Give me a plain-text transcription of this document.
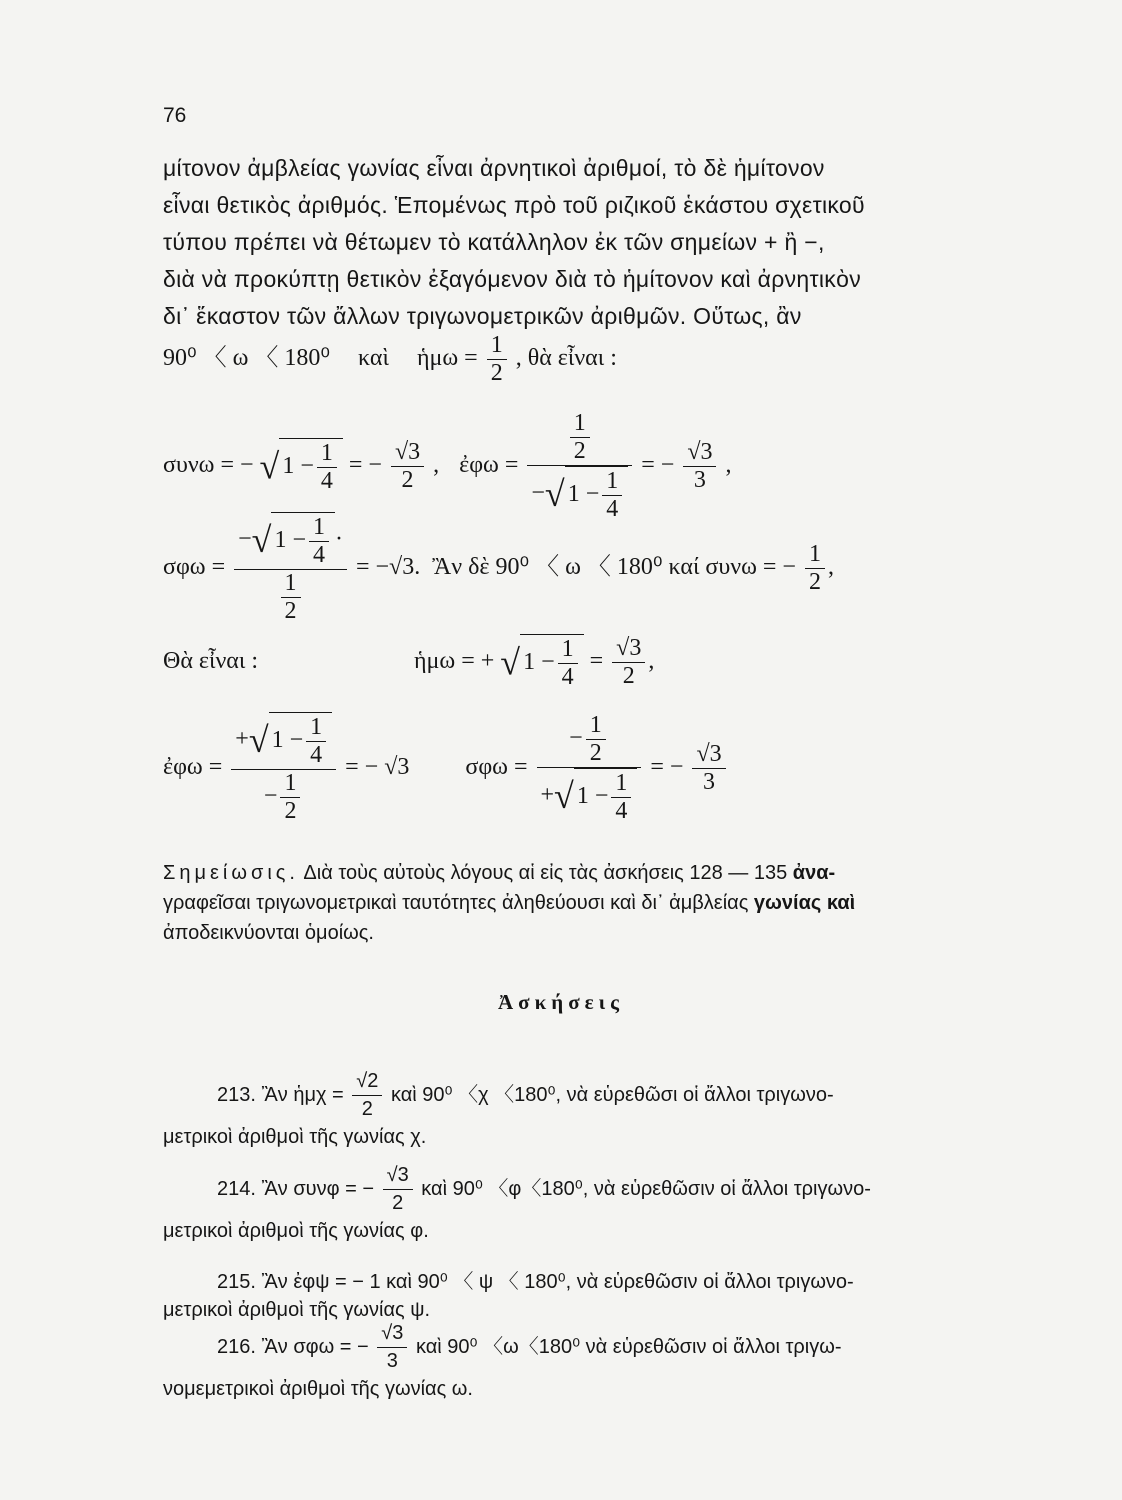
76
μίτονον ἀμβλείας γωνίας εἶναι ἀρνητικοὶ ἀριθμοί, τὸ δὲ ἡμίτονον
εἶναι θετικὸς ἀριθμός. Ἑπομένως πρὸ τοῦ ριζικοῦ ἑκάστου σχετικοῦ
τύπου πρέπει νὰ θέτωμεν τὸ κατάλληλον ἐκ τῶν σημείων + ἢ −,
διὰ νὰ προκύπτῃ θετικὸν ἐξαγόμενον διὰ τὸ ἡμίτονον καὶ ἀρνητικὸν
δι᾿ ἕκαστον τῶν ἄλλων τριγωνομετρικῶν ἀριθμῶν. Οὕτως, ἂν
90⁰ 〈 ω 〈 180⁰ καὶ ἡμω = $\frac{1}{2}$ , θὰ εἶναι :
συνω = − √ $1 - \frac{1}{4}$ = − $\frac{√3}{2}$ , ἐφω = $\frac{\frac{1}{2}}{-√ 1 - \frac{1}{4}}$ = − $\frac{√3}{3}$ ,
$\sigma\varphi\omega = \frac{-√ 1 - \frac{1}{4} \cdot}{\frac{1}{2}} = -√3$. Ἂν δὲ 90⁰ 〈 ω 〈 180⁰ καί συνω = − $\frac{1}{2}$ ,
Θὰ εἶναι :	ἡμω = + √ $1 - \frac{1}{4} = \frac{√3}{2}$ ,
ἐφω = $\frac{+√ 1 - \frac{1}{4}}{- \frac{1}{2}}$ = − √3 $\sigma\varphi\omega = \frac{- \frac{1}{2}}{+√ 1 - \frac{1}{4}}$ = − $\frac{√3}{3}$
Σημείωσις. Διὰ τοὺς αὐτοὺς λόγους αἱ εἰς τὰς ἀσκήσεις 128 — 135 ἀνα-
γραφεῖσαι τριγωνομετρικαὶ ταυτότητες ἀληθεύουσι καὶ δι᾿ ἀμβλείας γωνίας καὶ
ἀποδεικνύονται ὁμοίως.
Ἀσκήσεις
213. Ἂν ἡμχ = $\frac{√2}{2}$ καὶ 90⁰ 〈χ 〈180⁰, νὰ εὑρεθῶσι οἱ ἄλλοι τριγωνο-
μετρικοὶ ἀριθμοὶ τῆς γωνίας χ.
214. Ἂν συνφ = − $\frac{√3}{2}$ καὶ 90⁰ 〈φ〈180⁰, νὰ εὑρεθῶσιν οἱ ἄλλοι τριγωνο-
μετρικοὶ ἀριθμοὶ τῆς γωνίας φ.
215. Ἂν ἐφψ = − 1 καὶ 90⁰ 〈 ψ 〈 180⁰, νὰ εὑρεθῶσιν οἱ ἄλλοι τριγωνο-
μετρικοὶ ἀριθμοὶ τῆς γωνίας ψ.
216. Ἂν σφω = − $\frac{√3}{3}$ καὶ 90⁰ 〈ω〈180⁰ νὰ εὑρεθῶσιν οἱ ἄλλοι τριγω-
νομεμετρικοὶ ἀριθμοὶ τῆς γωνίας ω.
